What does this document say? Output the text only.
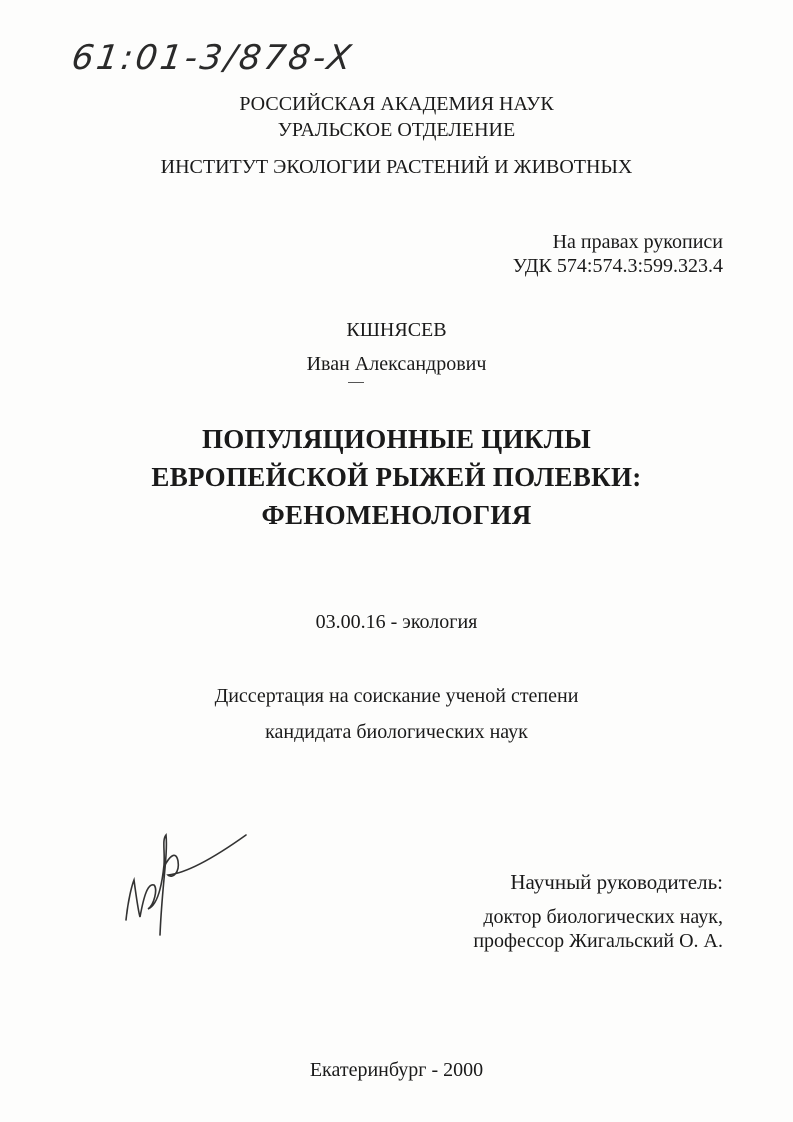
61:01-3/878-X
РОССИЙСКАЯ АКАДЕМИЯ НАУК
УРАЛЬСКОЕ ОТДЕЛЕНИЕ
ИНСТИТУТ ЭКОЛОГИИ РАСТЕНИЙ И ЖИВОТНЫХ
На правах рукописи
УДК 574:574.3:599.323.4
КШНЯСЕВ
Иван Александрович
ПОПУЛЯЦИОННЫЕ ЦИКЛЫ
ЕВРОПЕЙСКОЙ РЫЖЕЙ ПОЛЕВКИ:
ФЕНОМЕНОЛОГИЯ
03.00.16 - экология
Диссертация на соискание ученой степени
кандидата биологических наук
Научный руководитель:
доктор биологических наук,
профессор Жигальский О. А.
Екатеринбург - 2000
